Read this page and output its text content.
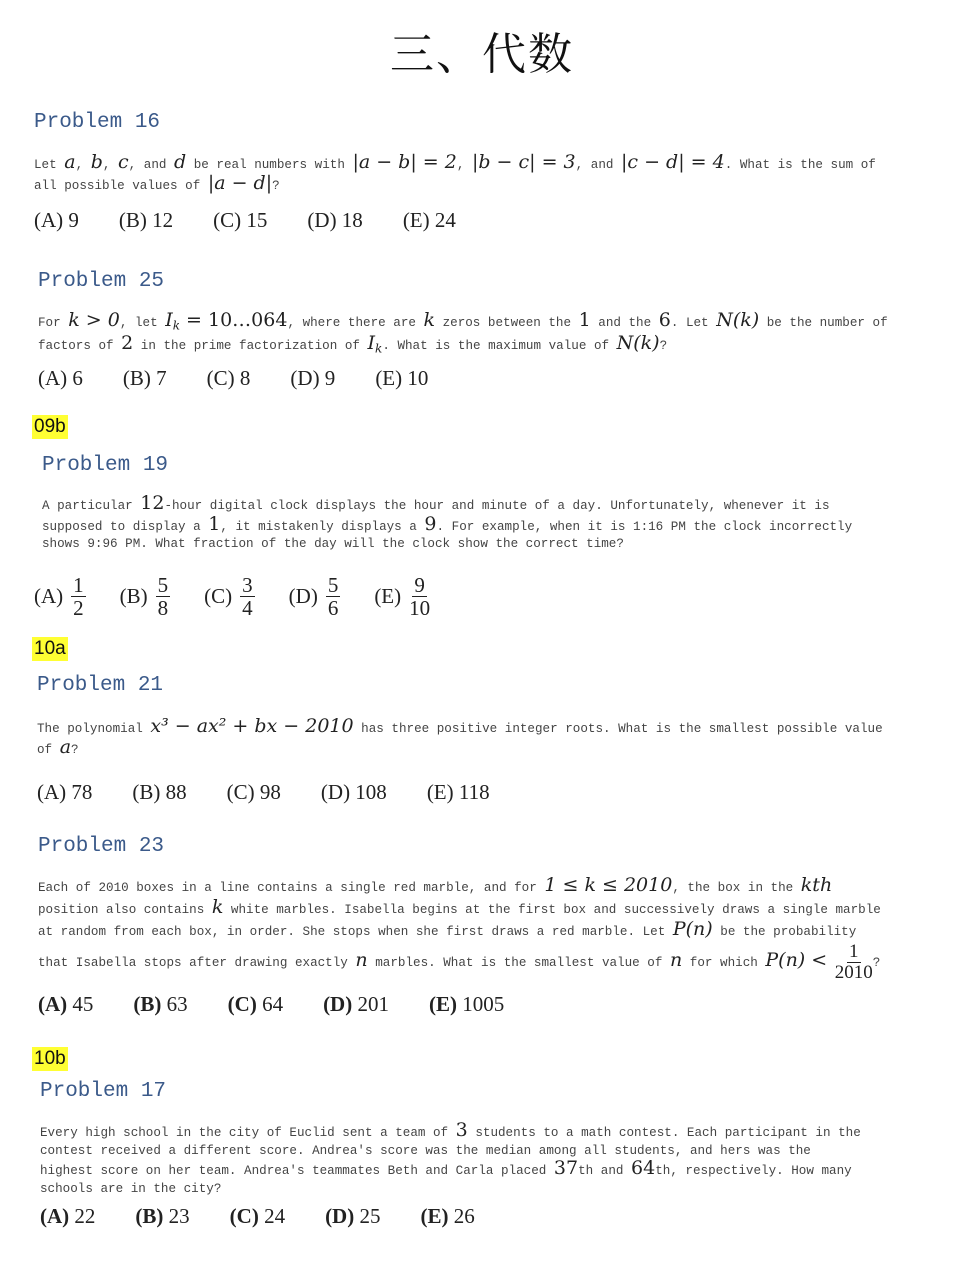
三、代数
Problem 16
Let a, b, c, and d be real numbers with |a − b| = 2, |b − c| = 3, and |c − d| = 4. What is the sum of all possible values of |a − d|?
(A) 9 (B) 12 (C) 15 (D) 18 (E) 24
Problem 25
For k > 0, let $I_k$ = 10…064, where there are k zeros between the 1 and the 6. Let N(k) be the number of factors of 2 in the prime factorization of $I_k$. What is the maximum value of N(k)?
(A) 6 (B) 7 (C) 8 (D) 9 (E) 10
09b
Problem 19
A particular 12-hour digital clock displays the hour and minute of a day. Unfortunately, whenever it is supposed to display a 1, it mistakenly displays a 9. For example, when it is 1:16 PM the clock incorrectly shows 9:96 PM. What fraction of the day will the clock show the correct time?
$(A) \frac{1}{2} (B) \frac{5}{8} (C) \frac{3}{4} (D) \frac{5}{6} (E) \frac{9}{10}$
10a
Problem 21
The polynomial x³ − ax² + bx − 2010 has three positive integer roots. What is the smallest possible value of a?
(A) 78 (B) 88 (C) 98 (D) 108 (E) 118
Problem 23
Each of 2010 boxes in a line contains a single red marble, and for 1 ≤ k ≤ 2010, the box in the kth position also contains k white marbles. Isabella begins at the first box and successively draws a single marble at random from each box, in order. She stops when she first draws a red marble. Let P(n) be the probability that Isabella stops after drawing exactly n marbles. What is the smallest value of n for which $P(n) < \frac{1}{2010}$ ?
(A) 45 (B) 63 (C) 64 (D) 201 (E) 1005
10b
Problem 17
Every high school in the city of Euclid sent a team of 3 students to a math contest. Each participant in the contest received a different score. Andrea's score was the median among all students, and hers was the highest score on her team. Andrea's teammates Beth and Carla placed 37th and 64th, respectively. How many schools are in the city?
(A) 22 (B) 23 (C) 24 (D) 25 (E) 26
